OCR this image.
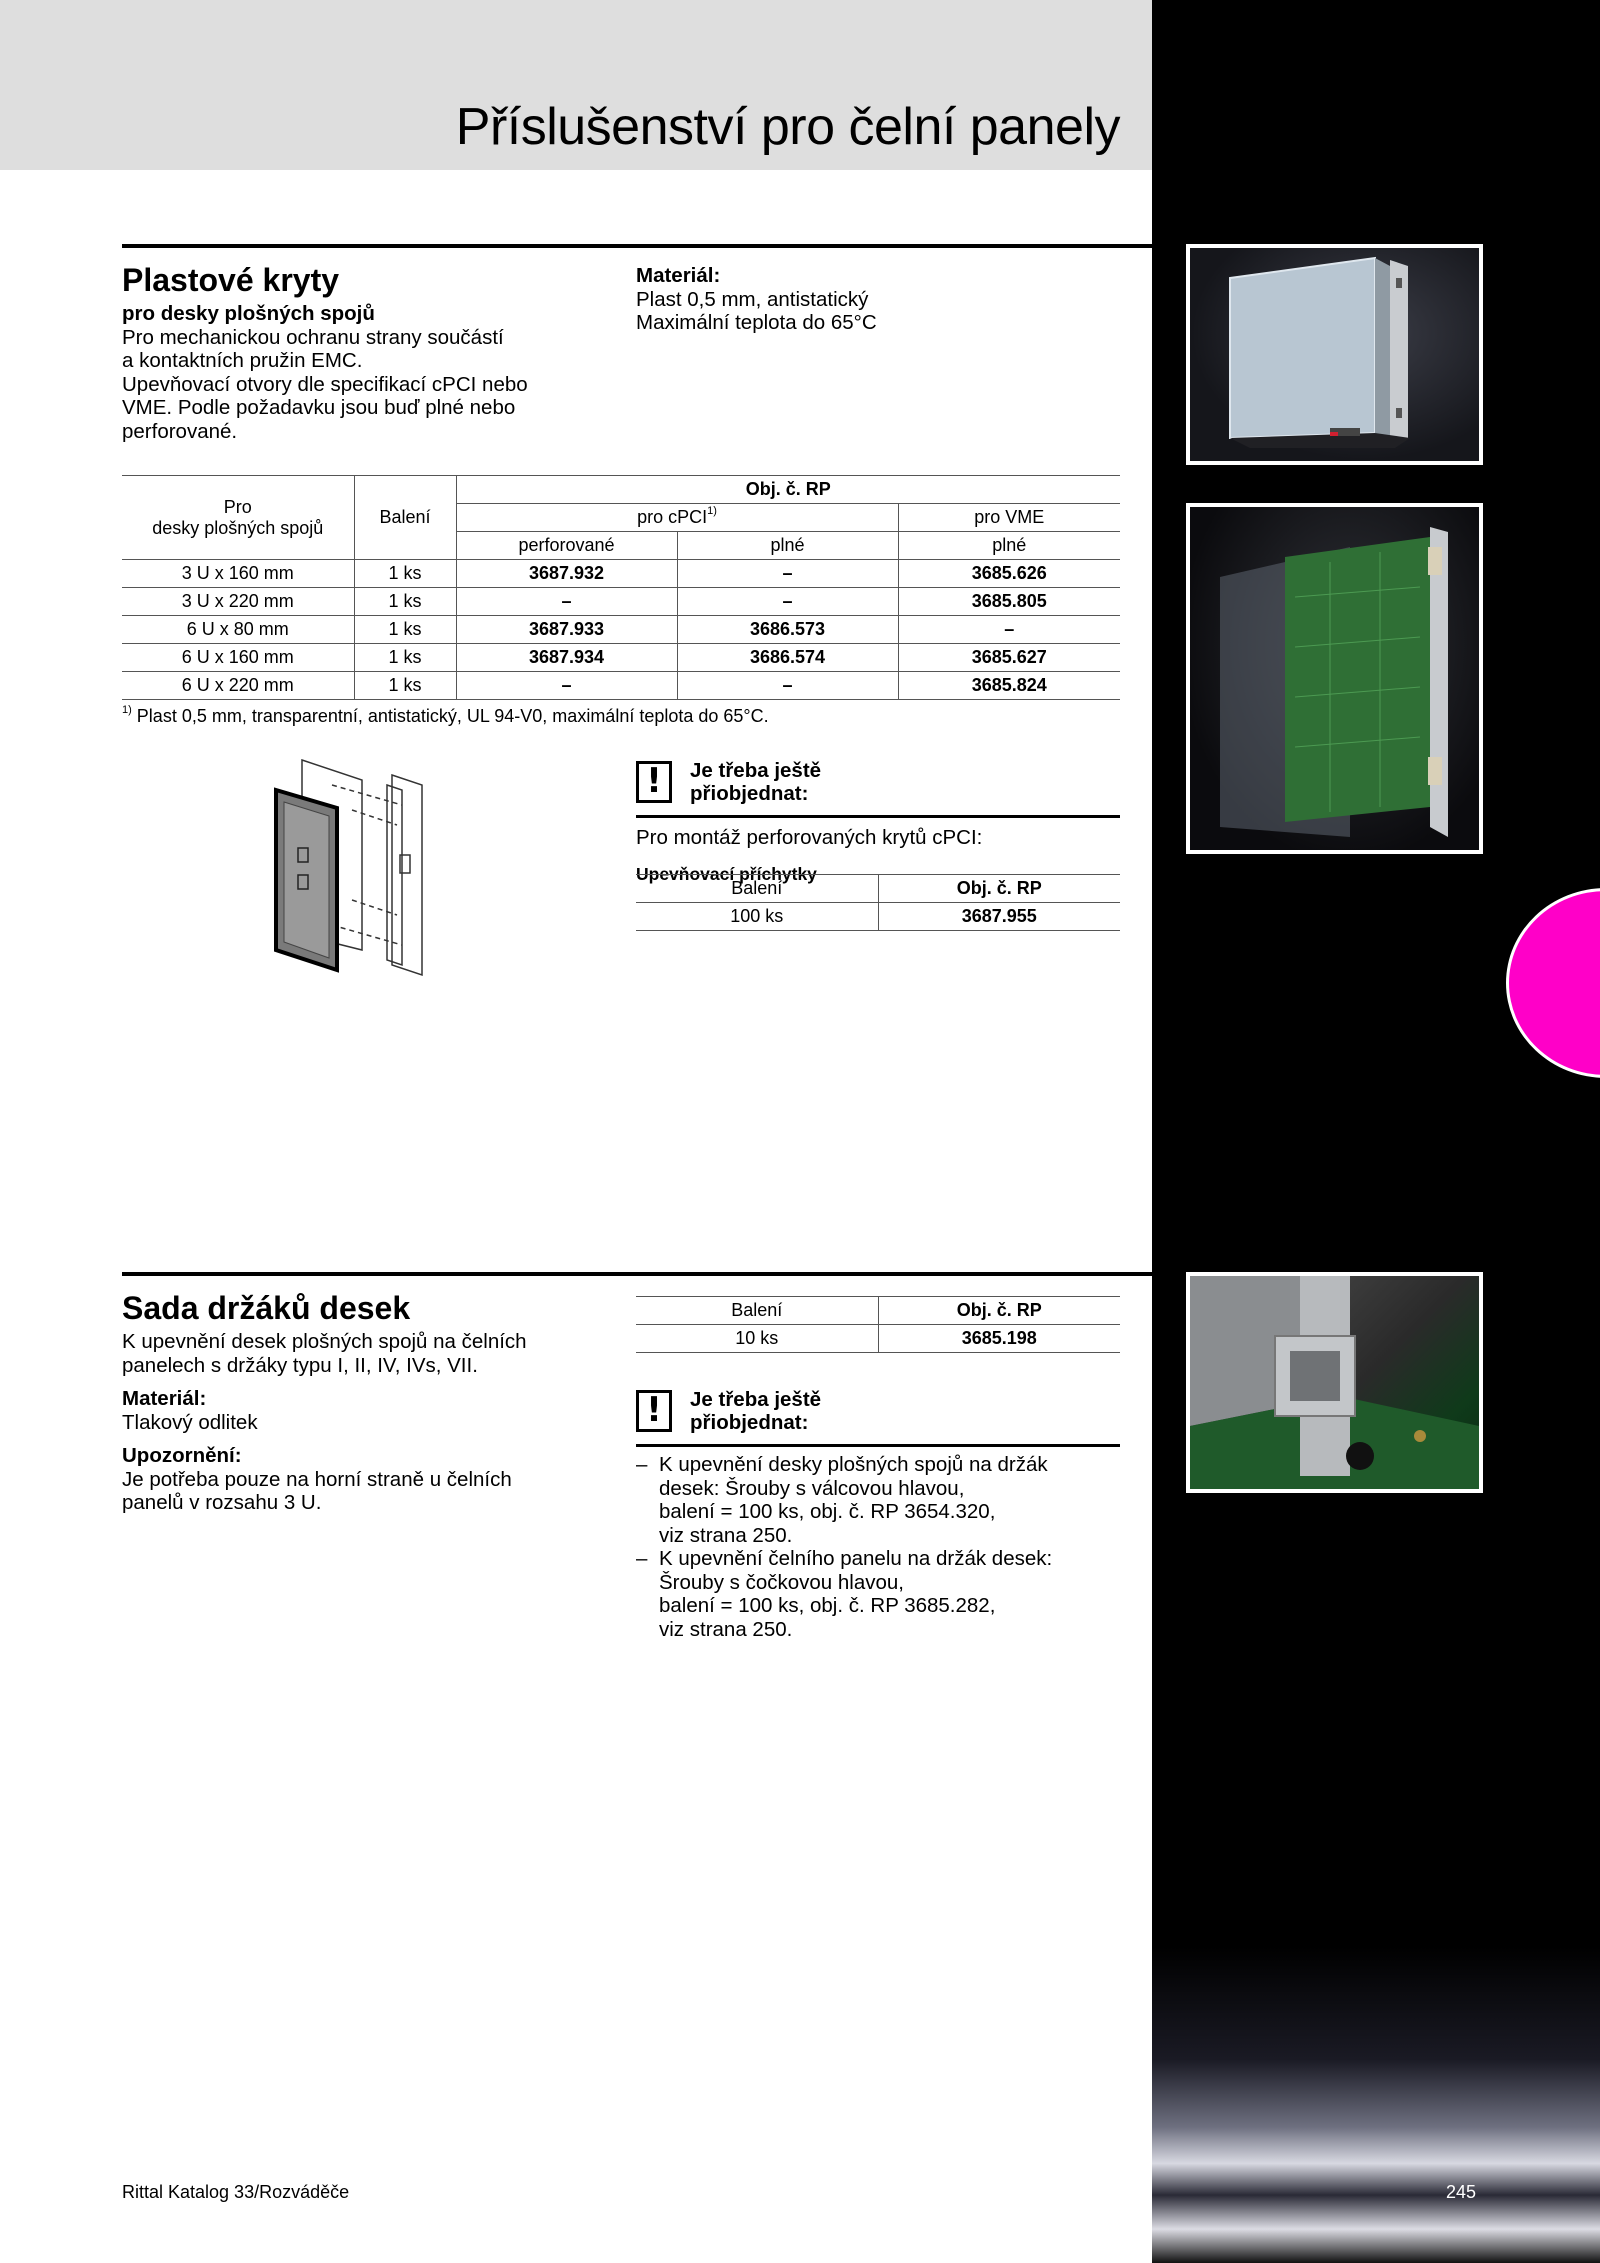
Příslušenství pro čelní panely
Plastové kryty
pro desky plošných spojů
Pro mechanickou ochranu strany součástí
a kontaktních pružin EMC.
Upevňovací otvory dle specifikací cPCI nebo
VME. Podle požadavku jsou buď plné nebo
perforované.
Materiál:
Plast 0,5 mm, antistatický
Maximální teplota do 65°C
Pro
desky plošných spojů	Balení	Obj. č. RP		
		pro cPCI$^{1)}$		pro VME
		perforované	plné	plné
3 U x 160 mm	1 ks	3687.932	–	3685.626
3 U x 220 mm	1 ks	–	–	3685.805
6 U x 80 mm	1 ks	3687.933	3686.573	–
6 U x 160 mm	1 ks	3687.934	3686.574	3685.627
6 U x 220 mm	1 ks	–	–	3685.824
$^{1)}$ Plast 0,5 mm, transparentní, antistatický, UL 94-V0, maximální teplota do 65°C.
!	Je třeba ještě
přiobjednat:
Pro montáž perforovaných krytů cPCI:
Upevňovací příchytky
Balení	Obj. č. RP
100 ks	3687.955
Sada držáků desek
K upevnění desek plošných spojů na čelních
panelech s držáky typu I, II, IV, IVs, VII.
Materiál:
Tlakový odlitek
Upozornění:
Je potřeba pouze na horní straně u čelních
panelů v rozsahu 3 U.
Balení	Obj. č. RP
10 ks	3685.198
!	Je třeba ještě
přiobjednat:
– K upevnění desky plošných spojů na držák
desek: Šrouby s válcovou hlavou,
balení = 100 ks, obj. č. RP 3654.320,
viz strana 250.
– K upevnění čelního panelu na držák desek:
Šrouby s čočkovou hlavou,
balení = 100 ks, obj. č. RP 3685.282,
viz strana 250.
Rittal Katalog 33/Rozváděče	245
